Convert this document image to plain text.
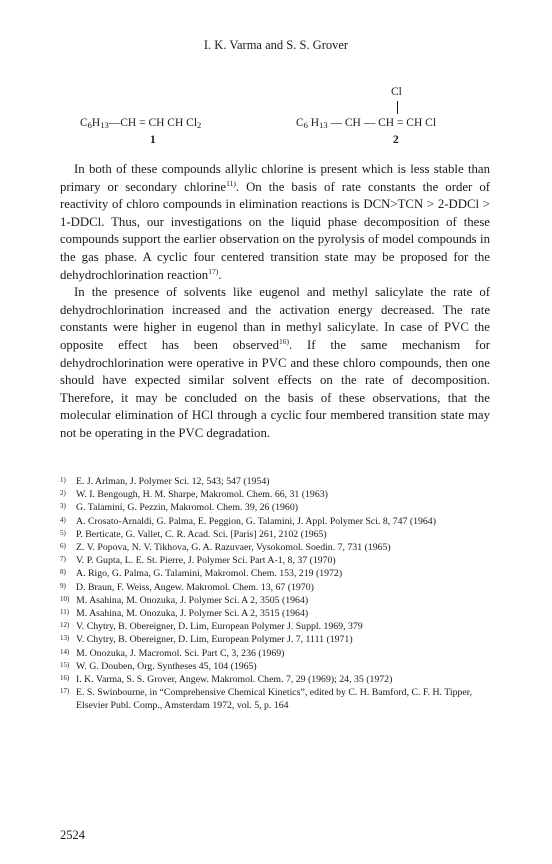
I. K. Varma and S. S. Grover
$C_6H_{13}—CH$ = CH CH $Cl_2$
1
Cl
$C_6$ $H_{13}$ — CH — CH = CH Cl
2

In both of these compounds allylic chlorine is present which is less stable than primary or secondary chlorine$^{11)}$. On the basis of rate constants the order of reactivity of chloro compounds in elimination reactions is DCN>TCN > 2-DDCl > 1-DDCl. Thus, our investigations on the liquid phase decomposition of these compounds support the earlier observation on the pyrolysis of model compounds in the gas phase. A cyclic four centered transition state may be proposed for the dehydrochlorination reaction$^{17)}$.

In the presence of solvents like eugenol and methyl salicylate the rate of dehydrochlorination increased and the activation energy decreased. The rate constants were higher in eugenol than in methyl salicylate. In case of PVC the opposite effect has been observed$^{16)}$. If the same mechanism for dehydrochlorination were operative in PVC and these chloro compounds, then one should have expected similar solvent effects on the rate of decomposition. Therefore, it may be concluded on the basis of these observations, that the molecular elimination of HCl through a cyclic four membered transition state may not be operating in the PVC degradation.

1) E. J. Arlman, J. Polymer Sci. 12, 543; 547 (1954)
2) W. I. Bengough, H. M. Sharpe, Makromol. Chem. 66, 31 (1963)
3) G. Talamini, G. Pezzin, Makromol. Chem. 39, 26 (1960)
4) A. Crosato-Arnaldi, G. Palma, E. Peggion, G. Talamini, J. Appl. Polymer Sci. 8, 747 (1964)
5) P. Berticate, G. Vallet, C. R. Acad. Sci. [Paris] 261, 2102 (1965)
6) Z. V. Popova, N. V. Tikhova, G. A. Razuvaer, Vysokomol. Soedin. 7, 731 (1965)
7) V. P. Gupta, L. E. St. Pierre, J. Polymer Sci. Part A-1, 8, 37 (1970)
8) A. Rigo, G. Palma, G. Talamini, Makromol. Chem. 153, 219 (1972)
9) D. Braun, F. Weiss, Angew. Makromol. Chem. 13, 67 (1970)
10) M. Asahina, M. Onozuka, J. Polymer Sci. A 2, 3505 (1964)
11) M. Asahina, M. Onozuka, J. Polymer Sci. A 2, 3515 (1964)
12) V. Chytry, B. Obereigner, D. Lim, European Polymer J. Suppl. 1969, 379
13) V. Chytry, B. Obereigner, D. Lim, European Polymer J. 7, 1111 (1971)
14) M. Onozuka, J. Macromol. Sci. Part C, 3, 236 (1969)
15) W. G. Douben, Org. Syntheses 45, 104 (1965)
16) I. K. Varma, S. S. Grover, Angew. Makromol. Chem. 7, 29 (1969); 24, 35 (1972)
17) E. S. Swinbourne, in “Comprehensive Chemical Kinetics”, edited by C. H. Bamford, C. F. H. Tipper, Elsevier Publ. Comp., Amsterdam 1972, vol. 5, p. 164
2524
